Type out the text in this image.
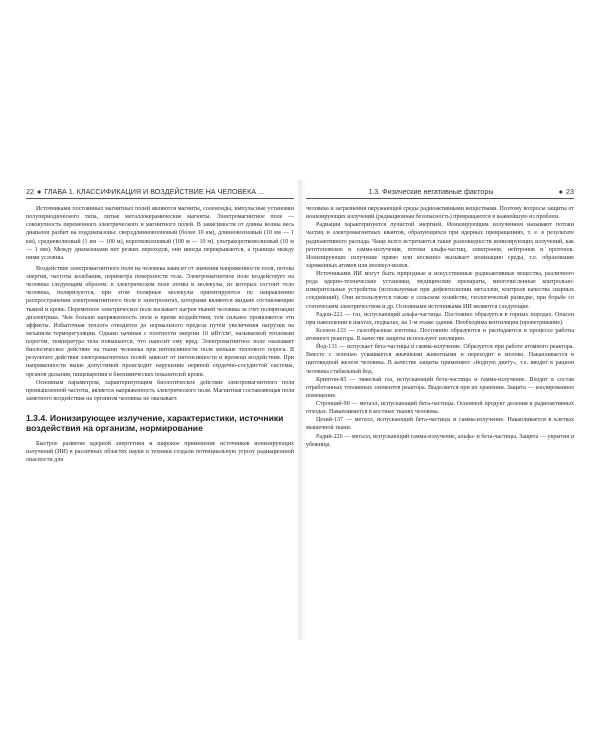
22 ● ГЛАВА 1. КЛАССИФИКАЦИЯ И ВОЗДЕЙСТВИЕ НА ЧЕЛОВЕКА ...

Источниками постоянных магнитных полей являются магниты, соленоиды, импульсные установки полупериодического типа, литые металлокерамические магниты. Электромагнитное поле — совокупность переменного электрического и магнитного полей. В зависимости от длины волны весь диапазон разбит на поддиапазоны: сверхдлинноволновый (более 10 км), длинноволновый (10 км — 1 км), средневолновый (1 км — 100 м), коротковолновый (100 м — 10 м), ультракоротковолновый (10 м — 1 мм). Между диапазонами нет резких переходов, они иногда перекрываются, а границы между ними условны.

Воздействие электромагнитного поля на человека зависит от значения напряженности поля, потока энергии, частоты колебания, периметра поверхности тела. Электромагнитное поле воздействует на человека следующим образом: в электрическом поле атомы и молекулы, из которых состоит тело человека, поляризуются, при этом полярные молекулы ориентируются по направлению распространения электромагнитного поля в электролитах, которыми являются жидкие составляющие тканей и кровь. Переменное электрическое поле вызывает нагрев тканей человека за счет поляризации диэлектрика. Чем больше напряженность поля и время воздействия, тем сильнее проявляются эти эффекты. Избыточная теплота отводится до нормального предела путем увеличения нагрузки на механизм терморегуляции. Однако начиная с плотности энергии 10 мВт/см², называемой тепловым порогом, температура тела повышается, что наносит ему вред. Электромагнитное поле оказывает биологическое действие на ткани человека при интенсивности поля меньше теплового порога. В результате действия электромагнитных полей зависит от интенсивности и времени воздействия. При напряженности выше допустимой происходит нарушение нервной сердечно-сосудистой системы, органов дыхания, пищеварения и биохимических показателей крови.

Основным параметром, характеризующим биологическое действие электромагнитного поля промышленной частоты, является напряженность электрического поля. Магнитная составляющая поля заметного воздействия на организм человека не оказывает.

1.3.4. Ионизирующее излучение, характеристики, источники воздействия на организм, нормирование

Быстрое развитие ядерной энергетики и широкое применение источников ионизирующих излучений (ИИ) в различных областях науки и техники создали потенциальную угрозу радиационной опасности для

1.3. Физические негативные факторы	● 23

человека и загрязнения окружающей среды радиоактивными веществами. Поэтому вопросы защиты от ионизирующих излучений (радиационная безопасность) превращаются в важнейшую из проблем.

Радиация характеризуется лучистой энергией. Ионизирующим излучением называют потоки частиц и электромагнитных квантов, образующихся при ядерных превращениях, т. е. в результате радиоактивного распада. Чаще всего встречаются такие разновидности ионизирующих излучений, как рентгеновское и гамма-излучения, потоки альфа-частиц, электронов, нейтронов и протонов. Ионизирующее излучение прямо или косвенно вызывает ионизацию среды, т.е. образование заряженных атомов или молекул-ионов.

Источниками ИИ могут быть природные и искусственные радиоактивные вещества, различного рода ядерно-технические установки, медицинские препараты, многочисленные контрольно-измерительные устройства (используемые при дефектоскопии металлов, контроле качества сварных соединений). Они используются также в сельском хозяйстве, геологической разведке, при борьбе со статическим электричеством и др. Основными источниками ИИ являются следующие.

Радон-222 — газ, испускающий альфа-частицы. Постоянно образуется в горных породах. Опасен при накоплении в шахтах, подвалах, на 1-м этаже здания. Необходима вентиляция (проветривание).

Ксенон-133 — газообразные изотопы. Постоянно образуются и распадаются в процессе работы атомного реактора. В качестве защиты используют изоляцию.

Йод-131 — испускает бета-частицы и гамма-излучение. Образуется при работе атомного реактора. Вместе с зеленью усваивается жвачными животными и переходит в молоко. Накапливается в щитовидной железе человека. В качестве защиты применяют «йодную диету», т.е. вводят в рацион человека стабильный йод.

Криптон-85 — тяжелый газ, испускающий бета-частицы и гамма-излучение. Входит в состав отработанных топливных элементов реактора. Выделяется при их хранении. Защита — изолированное помещение.

Стронций-90 — металл, испускающий бета-частицы. Основной продукт деления в радиоактивных отходах. Накапливается в костных тканях человека.

Цезий-137 — металл, испускающий бета-частицы и гамма-излучение. Накапливается в клетках мышечной ткани.

Радий-226 — металл, испускающий гамма-излучение, альфа- и бета-частицы. Защита — укрытия и убежища.
